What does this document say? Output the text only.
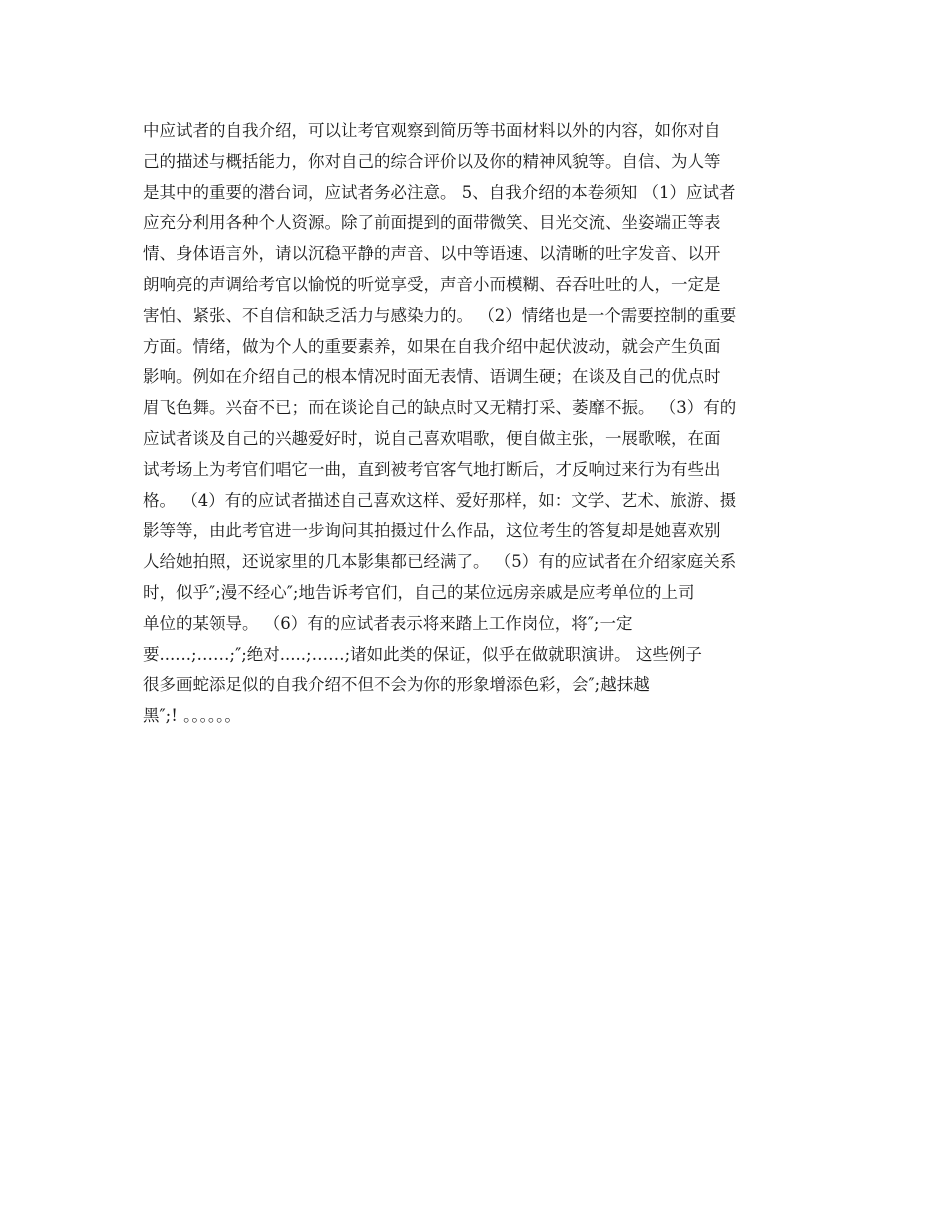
中应试者的自我介绍，可以让考官观察到简历等书面材料以外的内容，如你对自
己的描述与概括能力，你对自己的综合评价以及你的精神风貌等。自信、为人等
是其中的重要的潜台词，应试者务必注意。 5、自我介绍的本卷须知 （1）应试者
应充分利用各种个人资源。除了前面提到的面带微笑、目光交流、坐姿端正等表
情、身体语言外，请以沉稳平静的声音、以中等语速、以清晰的吐字发音、以开
朗响亮的声调给考官以愉悦的听觉享受，声音小而模糊、吞吞吐吐的人，一定是
害怕、紧张、不自信和缺乏活力与感染力的。 （2）情绪也是一个需要控制的重要
方面。情绪，做为个人的重要素养，如果在自我介绍中起伏波动，就会产生负面
影响。例如在介绍自己的根本情况时面无表情、语调生硬；在谈及自己的优点时
眉飞色舞。兴奋不已；而在谈论自己的缺点时又无精打采、萎靡不振。 （3）有的
应试者谈及自己的兴趣爱好时，说自己喜欢唱歌，便自做主张，一展歌喉，在面
试考场上为考官们唱它一曲，直到被考官客气地打断后，才反响过来行为有些出
格。 （4）有的应试者描述自己喜欢这样、爱好那样，如：文学、艺术、旅游、摄
影等等，由此考官进一步询问其拍摄过什么作品，这位考生的答复却是她喜欢别
人给她拍照，还说家里的几本影集都已经满了。 （5）有的应试者在介绍家庭关系
时，似乎″;漫不经心″;地告诉考官们，自己的某位远房亲戚是应考单位的上司
单位的某领导。 （6）有的应试者表示将来踏上工作岗位，将″;一定
要......;……;″;绝对.....;……;诸如此类的保证，似乎在做就职演讲。 这些例子
很多画蛇添足似的自我介绍不但不会为你的形象增添色彩，会″;越抹越
黑″;! 。。。。。。
